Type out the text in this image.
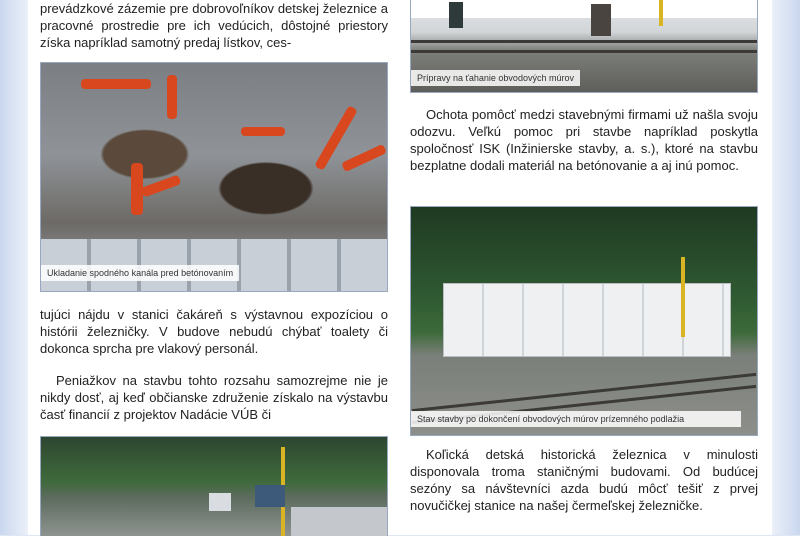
prevádzkové zázemie pre dobrovoľníkov detskej železnice a pracovné prostredie pre ich vedúcich, dôstojné priestory získa napríklad samotný predaj lístkov, ces-

Ukladanie spodného kanála pred betónovaním

tujúci nájdu v stanici čakáreň s výstavnou expozíciou o histórii železničky. V budove nebudú chýbať toalety či dokonca sprcha pre vlakový personál.

Peniažkov na stavbu tohto rozsahu samozrejme nie je nikdy dosť, aj keď občianske združenie získalo na výstavbu časť financií z projektov Nadácie VÚB či

Prípravy na ťahanie obvodových múrov

Ochota pomôcť medzi stavebnými firmami už našla svoju odozvu. Veľkú pomoc pri stavbe napríklad poskytla spoločnosť ISK (Inžinierske stavby, a. s.), ktoré na stavbu bezplatne dodali materiál na betónovanie a aj inú pomoc.

Stav stavby po dokončení obvodových múrov prízemného podlažia

Koľická detská historická železnica v minulosti disponovala troma staničnými budovami. Od budúcej sezóny sa návštevníci azda budú môcť tešiť z prvej novučičkej stanice na našej čermeľskej železničke.
